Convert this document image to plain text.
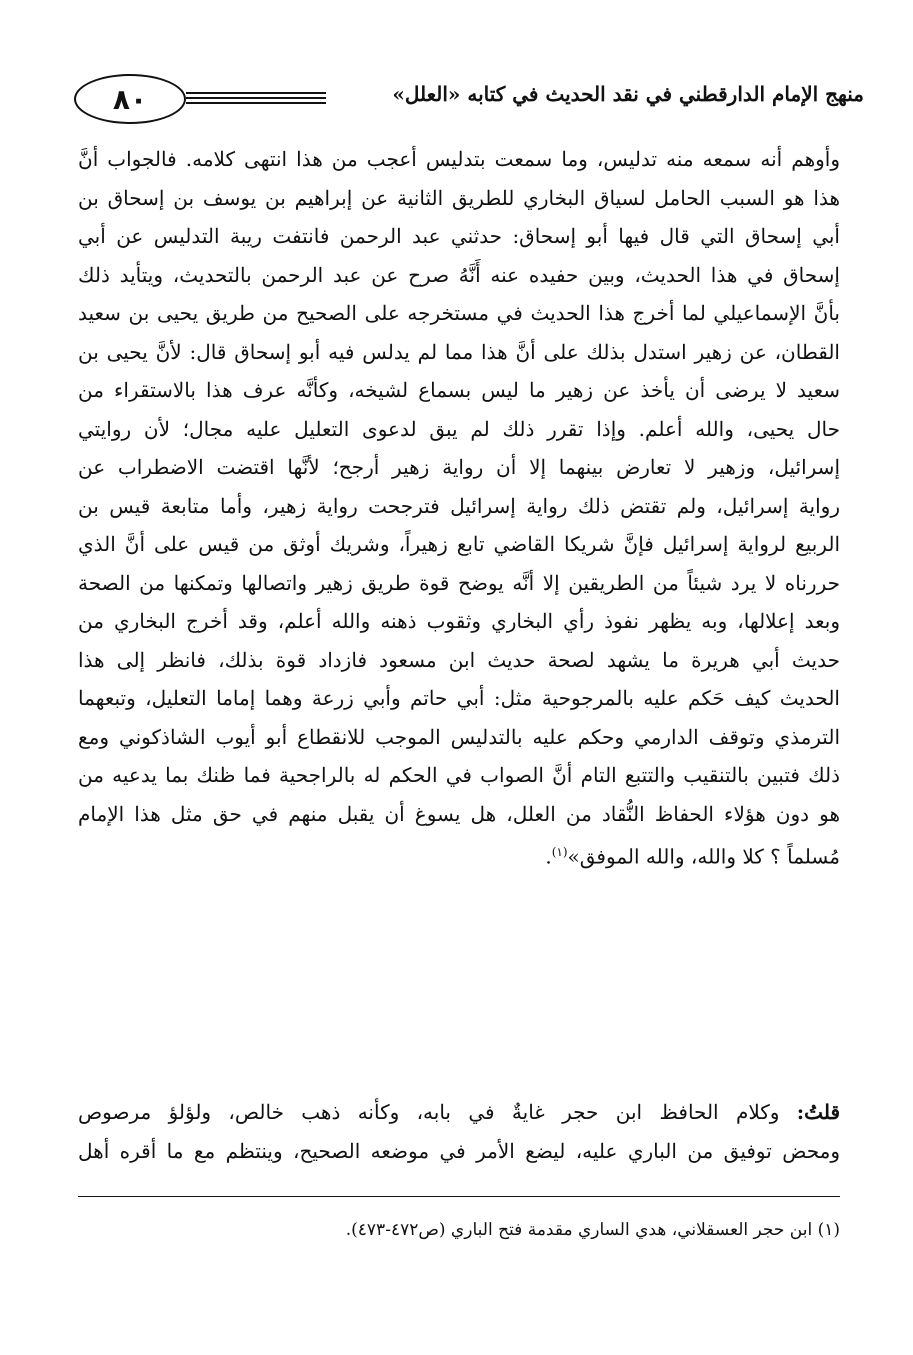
٨٠	منهج الإمام الدارقطني في نقد الحديث في كتابه «العلل»
وأوهم أنه سمعه منه تدليس، وما سمعت بتدليس أعجب من هذا انتهى كلامه. فالجواب أنَّ
هذا هو السبب الحامل لسياق البخاري للطريق الثانية عن إبراهيم بن يوسف بن إسحاق بن
أبي إسحاق التي قال فيها أبو إسحاق: حدثني عبد الرحمن فانتفت ريبة التدليس عن أبي
إسحاق في هذا الحديث، وبين حفيده عنه أَنَّهُ صرح عن عبد الرحمن بالتحديث، ويتأيد ذلك
بأنَّ الإسماعيلي لما أخرج هذا الحديث في مستخرجه على الصحيح من طريق يحيى بن سعيد
القطان، عن زهير استدل بذلك على أنَّ هذا مما لم يدلس فيه أبو إسحاق قال: لأنَّ يحيى بن
سعيد لا يرضى أن يأخذ عن زهير ما ليس بسماع لشيخه، وكأنَّه عرف هذا بالاستقراء من
حال يحيى، والله أعلم. وإذا تقرر ذلك لم يبق لدعوى التعليل عليه مجال؛ لأن روايتي
إسرائيل، وزهير لا تعارض بينهما إلا أن رواية زهير أرجح؛ لأنَّها اقتضت الاضطراب عن
رواية إسرائيل، ولم تقتض ذلك رواية إسرائيل فترجحت رواية زهير، وأما متابعة قيس بن
الربيع لرواية إسرائيل فإنَّ شريكا القاضي تابع زهيراً، وشريك أوثق من قيس على أنَّ الذي
حررناه لا يرد شيئاً من الطريقين إلا أنَّه يوضح قوة طريق زهير واتصالها وتمكنها من الصحة
وبعد إعلالها، وبه يظهر نفوذ رأي البخاري وثقوب ذهنه والله أعلم، وقد أخرج البخاري من
حديث أبي هريرة ما يشهد لصحة حديث ابن مسعود فازداد قوة بذلك، فانظر إلى هذا
الحديث كيف حَكم عليه بالمرجوحية مثل: أبي حاتم وأبي زرعة وهما إماما التعليل، وتبعهما
الترمذي وتوقف الدارمي وحكم عليه بالتدليس الموجب للانقطاع أبو أيوب الشاذكوني ومع
ذلك فتبين بالتنقيب والتتبع التام أنَّ الصواب في الحكم له بالراجحية فما ظنك بما يدعيه من
هو دون هؤلاء الحفاظ النُّقاد من العلل، هل يسوغ أن يقبل منهم في حق مثل هذا الإمام
مُسلماً ؟ كلا والله، والله الموفق»$^{(١)}$.
قلتُ: وكلام الحافظ ابن حجر غايةٌ في بابه، وكأنه ذهب خالص، ولؤلؤ مرصوص
ومحض توفيق من الباري عليه، ليضع الأمر في موضعه الصحيح، وينتظم مع ما أقره أهل
(١) ابن حجر العسقلاني، هدي الساري مقدمة فتح الباري (ص٤٧٢-٤٧٣).
